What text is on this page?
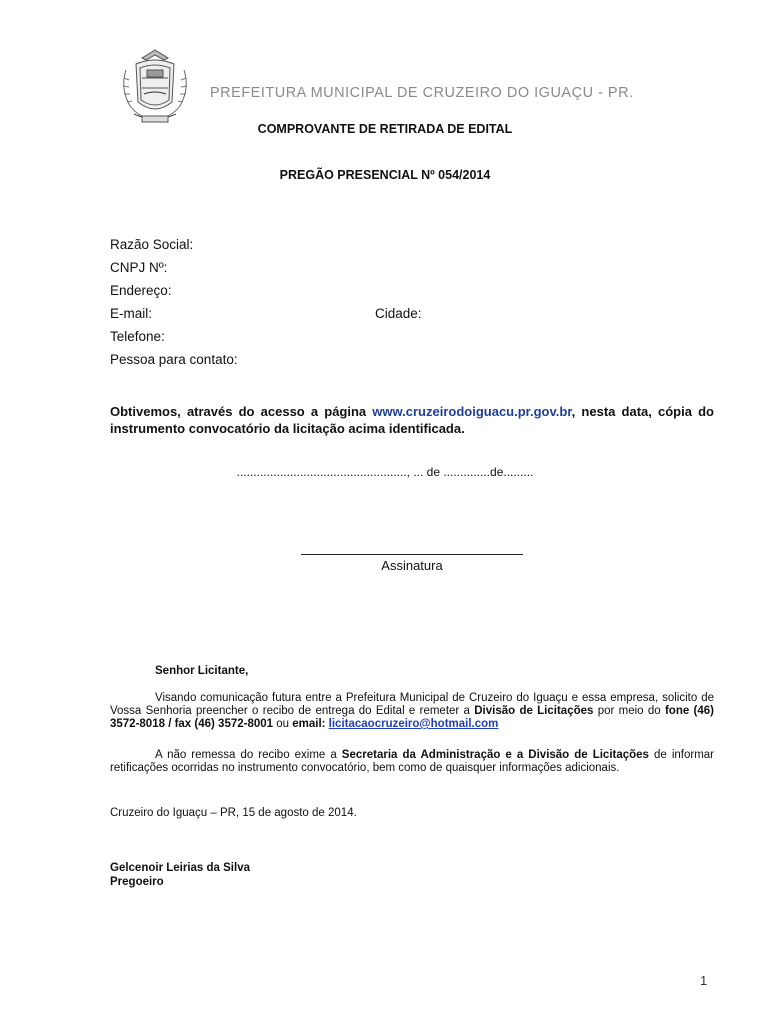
PREFEITURA MUNICIPAL DE CRUZEIRO DO IGUAÇU - PR.
COMPROVANTE DE RETIRADA DE EDITAL
PREGÃO PRESENCIAL Nº 054/2014
Razão Social:
CNPJ Nº:
Endereço:
E-mail:	Cidade:
Telefone:
Pessoa para contato:
Obtivemos, através do acesso a página www.cruzeirodoiguacu.pr.gov.br, nesta data, cópia do instrumento convocatório da licitação acima identificada.
..................................................., ... de ..............de.........
Assinatura
Senhor Licitante,
Visando comunicação futura entre a Prefeitura Municipal de Cruzeiro do Iguaçu e essa empresa, solicito de Vossa Senhoria preencher o recibo de entrega do Edital e remeter a Divisão de Licitações por meio do fone (46) 3572-8018 / fax (46) 3572-8001 ou email: licitacaocruzeiro@hotmail.com
A não remessa do recibo exime a Secretaria da Administração e a Divisão de Licitações de informar retificações ocorridas no instrumento convocatório, bem como de quaisquer informações adicionais.
Cruzeiro do Iguaçu – PR, 15 de agosto de 2014.
Gelcenoir Leirias da Silva
Pregoeiro
1
